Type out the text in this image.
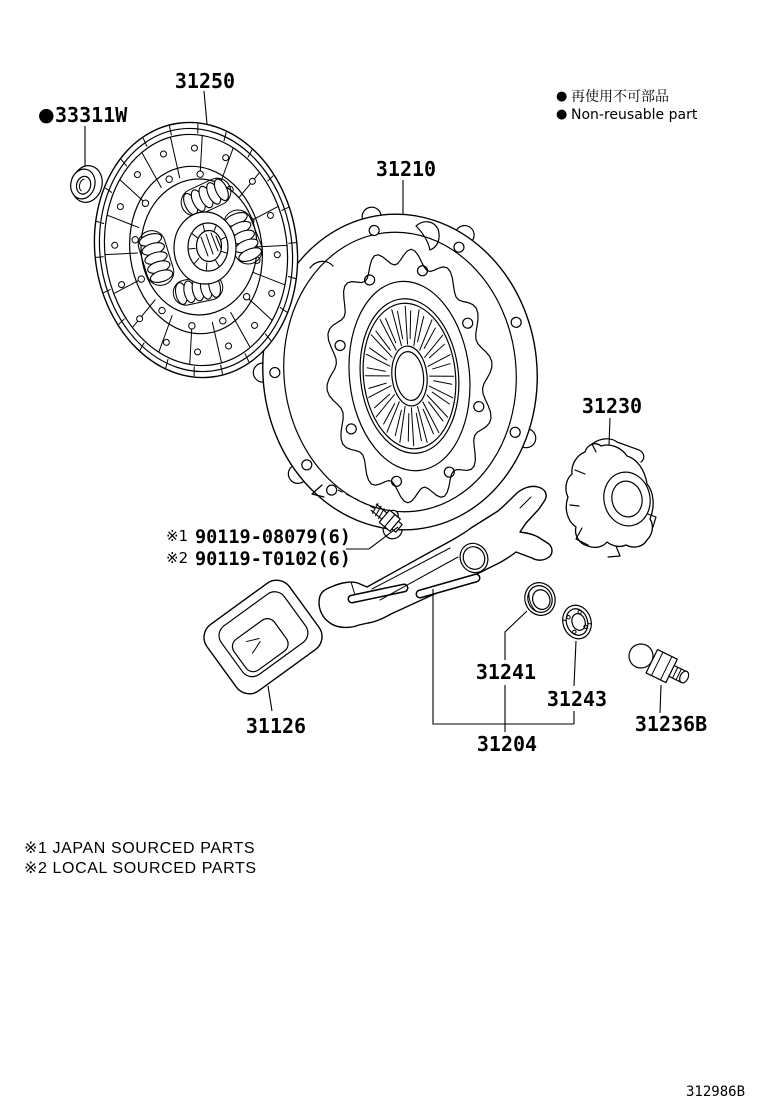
31250
● 33311W
31210
31230
※1 90119-08079(6)
※2 90119-T0102(6)
31126
31241
31243
31204
31236B
● 再使用不可部品
● Non-reusable part
※1 JAPAN SOURCED PARTS
※2 LOCAL SOURCED PARTS
312986B
